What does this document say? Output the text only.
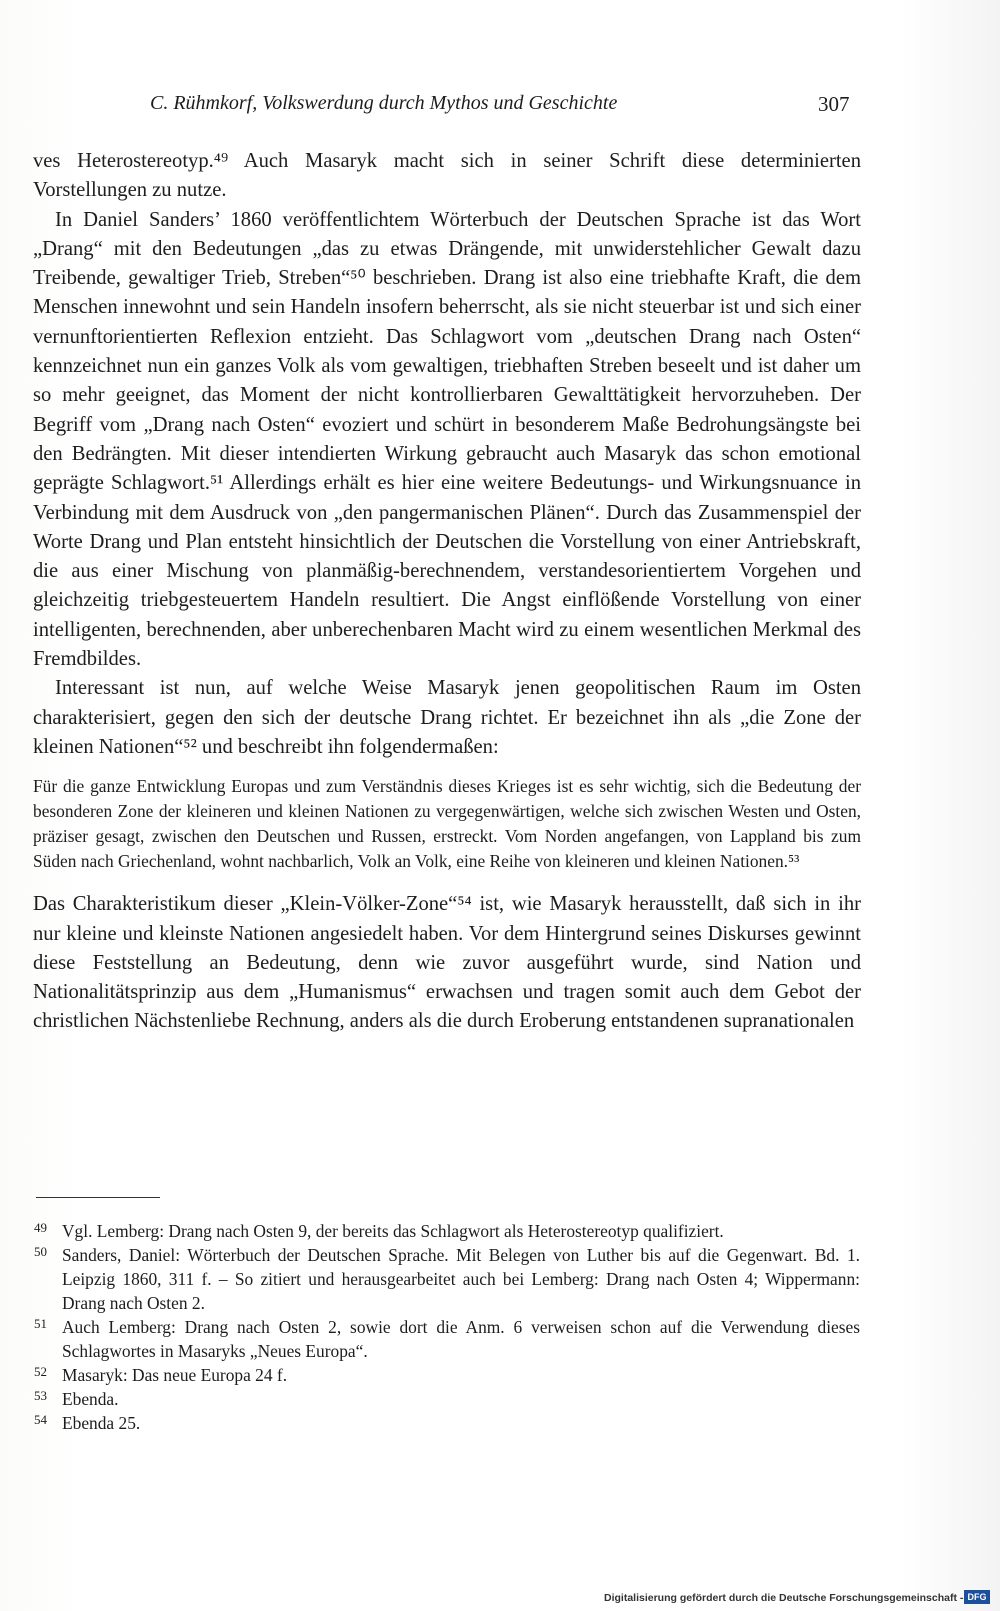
C. Rühmkorf, Volkswerdung durch Mythos und Geschichte	307

ves Heterostereotyp.⁴⁹ Auch Masaryk macht sich in seiner Schrift diese determinierten Vorstellungen zu nutze.

In Daniel Sanders’ 1860 veröffentlichtem Wörterbuch der Deutschen Sprache ist das Wort „Drang“ mit den Bedeutungen „das zu etwas Drängende, mit unwiderstehlicher Gewalt dazu Treibende, gewaltiger Trieb, Streben“⁵⁰ beschrieben. Drang ist also eine triebhafte Kraft, die dem Menschen innewohnt und sein Handeln insofern beherrscht, als sie nicht steuerbar ist und sich einer vernunftorientierten Reflexion entzieht. Das Schlagwort vom „deutschen Drang nach Osten“ kennzeichnet nun ein ganzes Volk als vom gewaltigen, triebhaften Streben beseelt und ist daher um so mehr geeignet, das Moment der nicht kontrollierbaren Gewalttätigkeit hervorzuheben. Der Begriff vom „Drang nach Osten“ evoziert und schürt in besonderem Maße Bedrohungsängste bei den Bedrängten. Mit dieser intendierten Wirkung gebraucht auch Masaryk das schon emotional geprägte Schlagwort.⁵¹ Allerdings erhält es hier eine weitere Bedeutungs- und Wirkungsnuance in Verbindung mit dem Ausdruck von „den pangermanischen Plänen“. Durch das Zusammenspiel der Worte Drang und Plan entsteht hinsichtlich der Deutschen die Vorstellung von einer Antriebskraft, die aus einer Mischung von planmäßig-berechnendem, verstandesorientiertem Vorgehen und gleichzeitig triebgesteuertem Handeln resultiert. Die Angst einflößende Vorstellung von einer intelligenten, berechnenden, aber unberechenbaren Macht wird zu einem wesentlichen Merkmal des Fremdbildes.

Interessant ist nun, auf welche Weise Masaryk jenen geopolitischen Raum im Osten charakterisiert, gegen den sich der deutsche Drang richtet. Er bezeichnet ihn als „die Zone der kleinen Nationen“⁵² und beschreibt ihn folgendermaßen:

Für die ganze Entwicklung Europas und zum Verständnis dieses Krieges ist es sehr wichtig, sich die Bedeutung der besonderen Zone der kleineren und kleinen Nationen zu vergegenwärtigen, welche sich zwischen Westen und Osten, präziser gesagt, zwischen den Deutschen und Russen, erstreckt. Vom Norden angefangen, von Lappland bis zum Süden nach Griechenland, wohnt nachbarlich, Volk an Volk, eine Reihe von kleineren und kleinen Nationen.⁵³

Das Charakteristikum dieser „Klein-Völker-Zone“⁵⁴ ist, wie Masaryk herausstellt, daß sich in ihr nur kleine und kleinste Nationen angesiedelt haben. Vor dem Hintergrund seines Diskurses gewinnt diese Feststellung an Bedeutung, denn wie zuvor ausgeführt wurde, sind Nation und Nationalitätsprinzip aus dem „Humanismus“ erwachsen und tragen somit auch dem Gebot der christlichen Nächstenliebe Rechnung, anders als die durch Eroberung entstandenen supranationalen

49 Vgl. Lemberg: Drang nach Osten 9, der bereits das Schlagwort als Heterostereotyp qualifiziert.
50 Sanders, Daniel: Wörterbuch der Deutschen Sprache. Mit Belegen von Luther bis auf die Gegenwart. Bd. 1. Leipzig 1860, 311 f. – So zitiert und herausgearbeitet auch bei Lemberg: Drang nach Osten 4; Wippermann: Drang nach Osten 2.
51 Auch Lemberg: Drang nach Osten 2, sowie dort die Anm. 6 verweisen schon auf die Verwendung dieses Schlagwortes in Masaryks „Neues Europa“.
52 Masaryk: Das neue Europa 24 f.
53 Ebenda.
54 Ebenda 25.
Digitalisierung gefördert durch die Deutsche Forschungsgemeinschaft - DFG
